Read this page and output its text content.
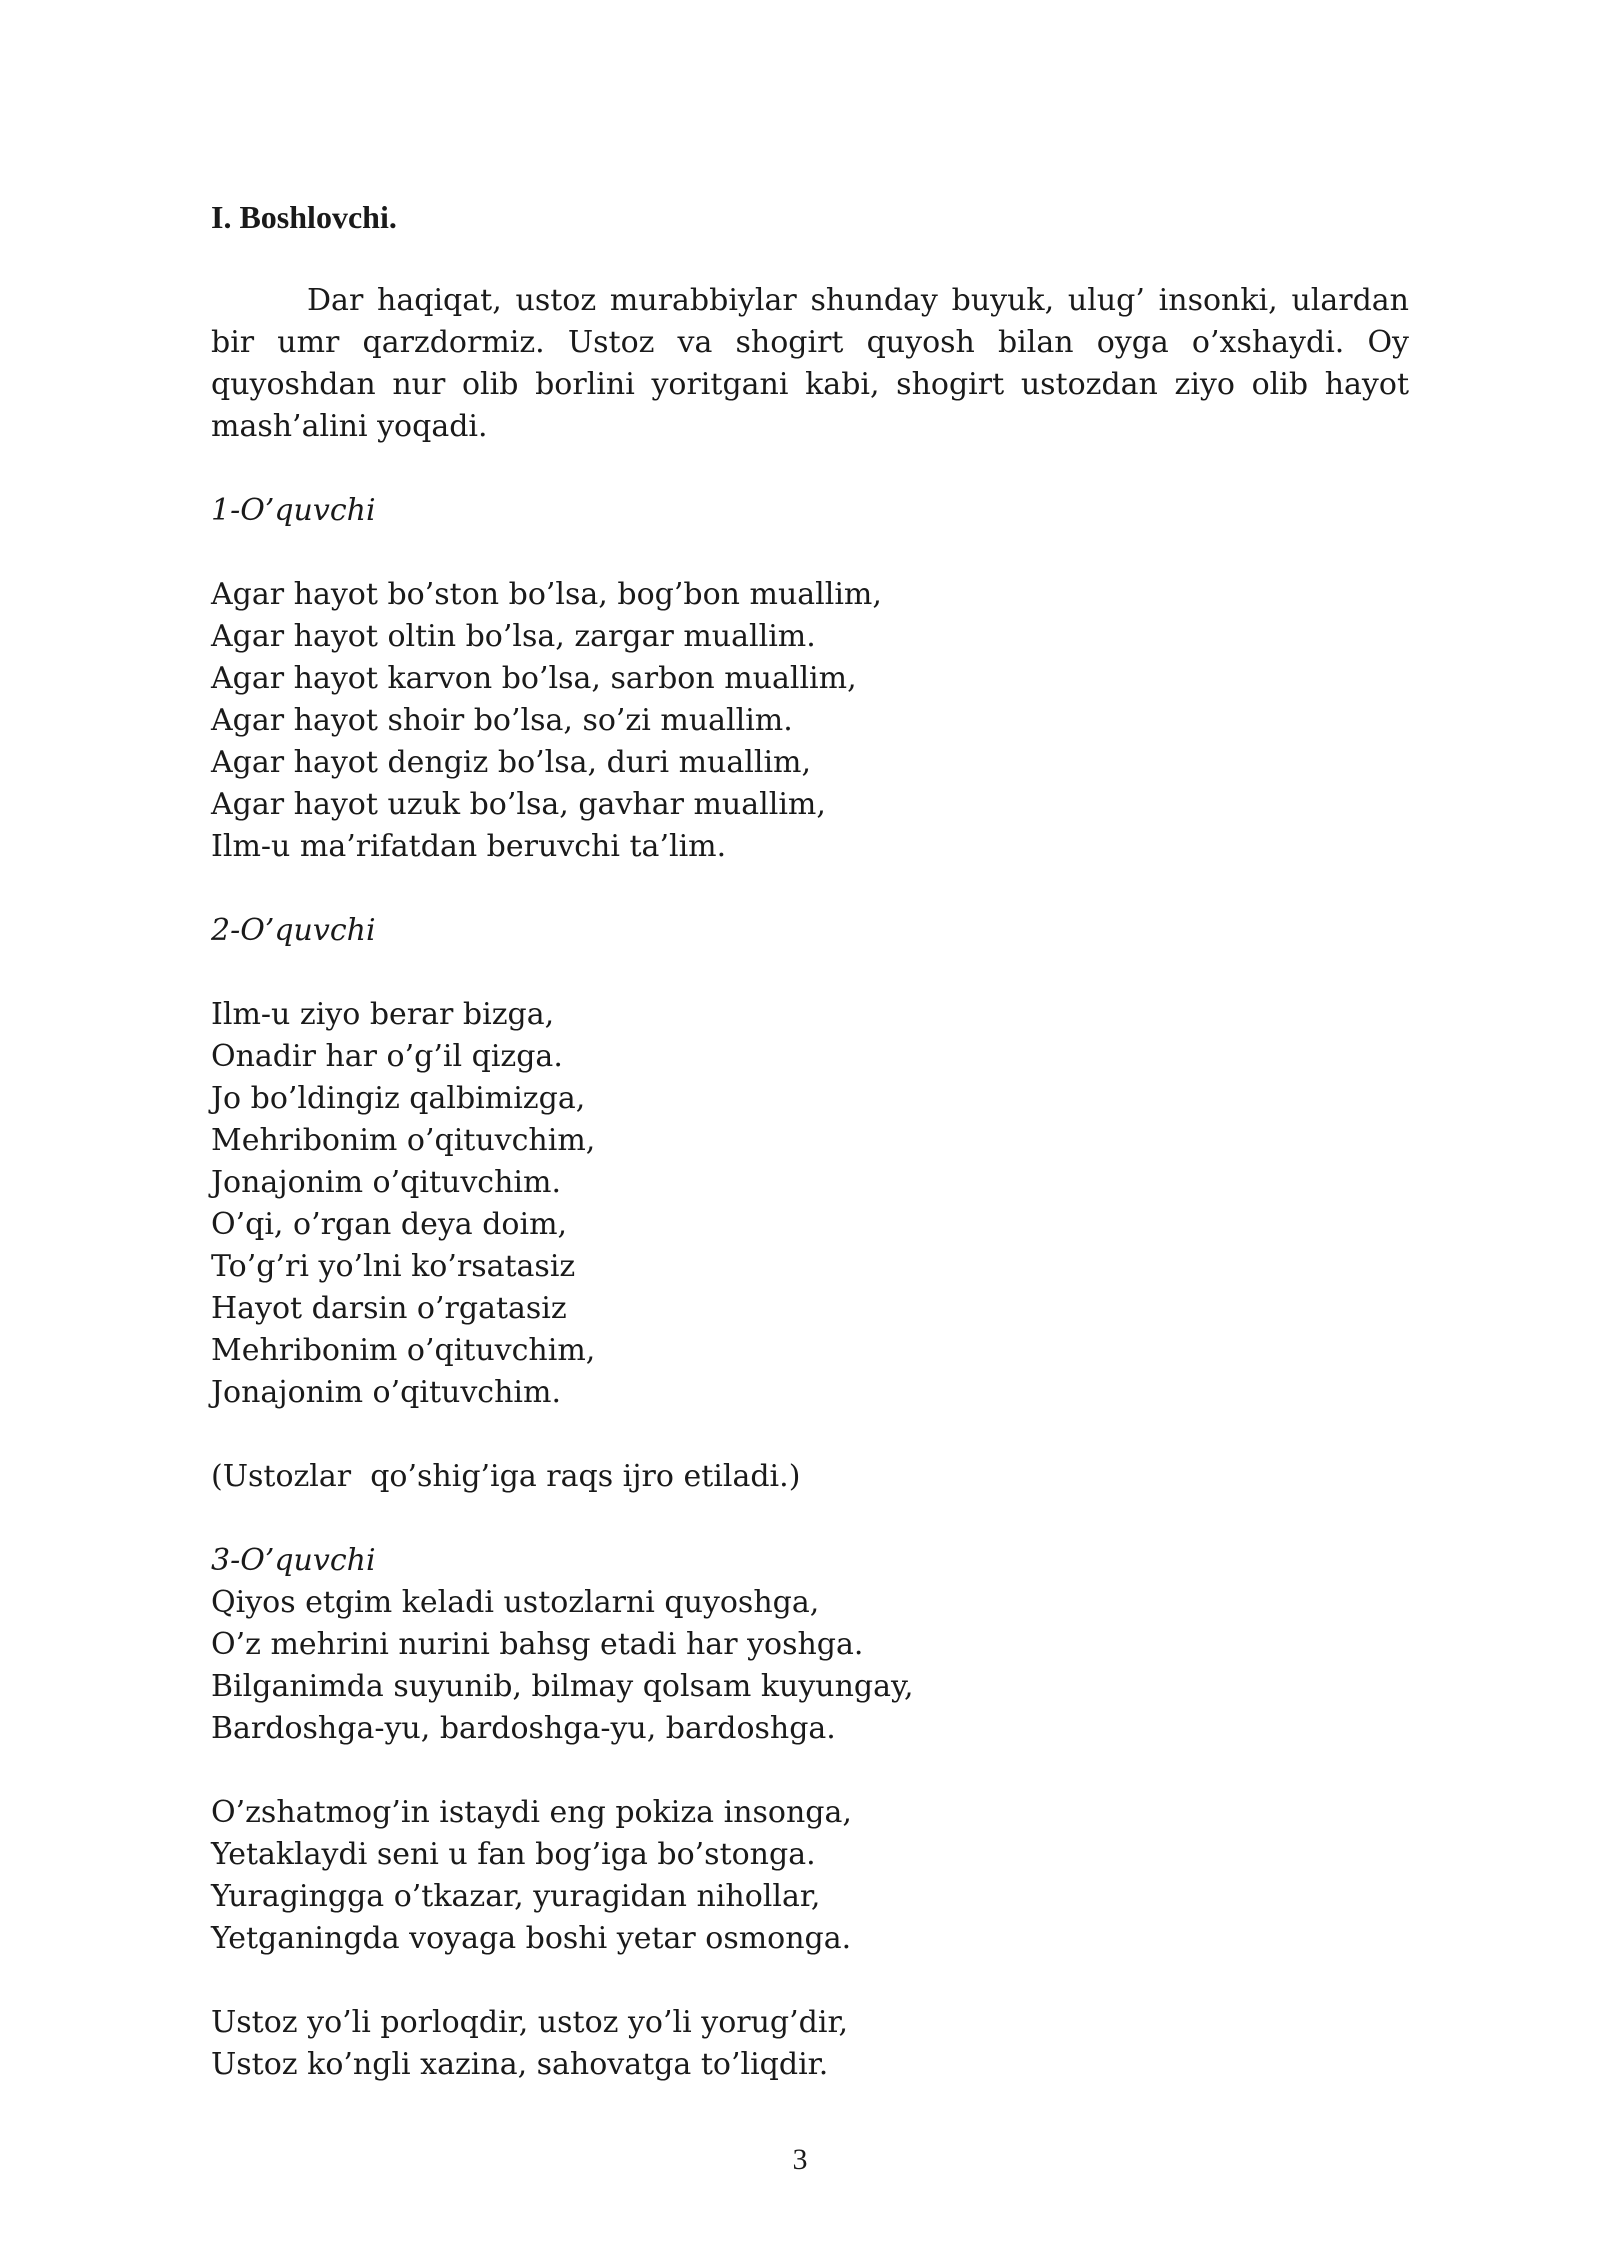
I. Boshlovchi.

Dar haqiqat, ustoz murabbiylar shunday buyuk, ulug’ insonki, ulardan bir umr qarzdormiz. Ustoz va shogirt quyosh bilan oyga o’xshaydi. Oy quyoshdan nur olib borlini yoritgani kabi, shogirt ustozdan ziyo olib hayot mash’alini yoqadi.

1-O’quvchi

Agar hayot bo’ston bo’lsa, bog’bon muallim,
Agar hayot oltin bo’lsa, zargar muallim.
Agar hayot karvon bo’lsa, sarbon muallim,
Agar hayot shoir bo’lsa, so’zi muallim.
Agar hayot dengiz bo’lsa, duri muallim,
Agar hayot uzuk bo’lsa, gavhar muallim,
Ilm-u ma’rifatdan beruvchi ta’lim.

2-O’quvchi

Ilm-u ziyo berar bizga,
Onadir har o’g’il qizga.
Jo bo’ldingiz qalbimizga,
Mehribonim o’qituvchim,
Jonajonim o’qituvchim.
O’qi, o’rgan deya doim,
To’g’ri yo’lni ko’rsatasiz
Hayot darsin o’rgatasiz
Mehribonim o’qituvchim,
Jonajonim o’qituvchim.

(Ustozlar  qo’shig’iga raqs ijro etiladi.)

3-O’quvchi

Qiyos etgim keladi ustozlarni quyoshga,
O’z mehrini nurini bahsg etadi har yoshga.
Bilganimda suyunib, bilmay qolsam kuyungay,
Bardoshga-yu, bardoshga-yu, bardoshga.
O’zshatmog’in istaydi eng pokiza insonga,
Yetaklaydi seni u fan bog’iga bo’stonga.
Yuragingga o’tkazar, yuragidan nihollar,
Yetganingda voyaga boshi yetar osmonga.
Ustoz yo’li porloqdir, ustoz yo’li yorug’dir,
Ustoz ko’ngli xazina, sahovatga to’liqdir.
3
